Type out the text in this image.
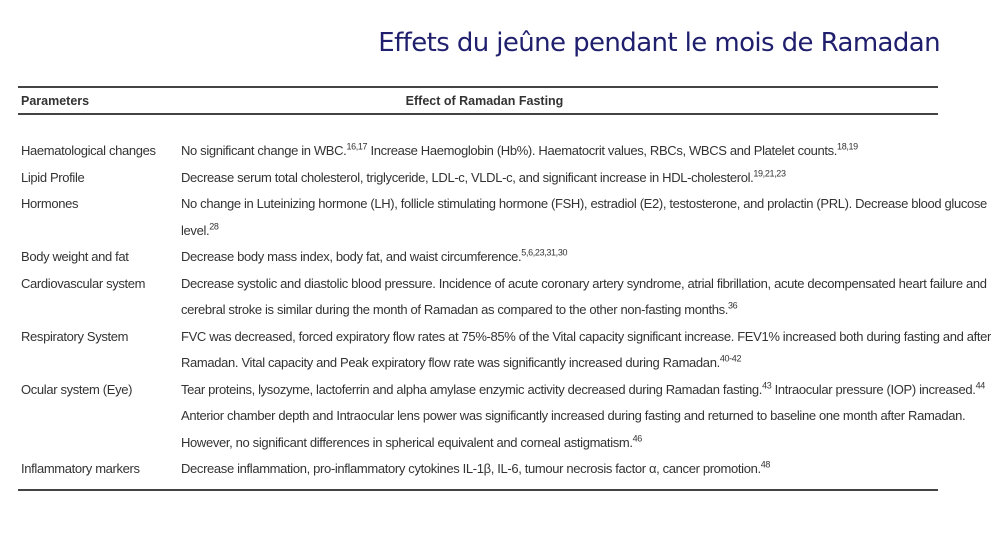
Effets du jeûne pendant le mois de Ramadan
Parameters	Effect of Ramadan Fasting
Haematological changes	No significant change in WBC.$^{16,17}$ Increase Haemoglobin (Hb%). Haematocrit values, RBCs, WBCS and Platelet counts.$^{18,19}$
Lipid Profile	Decrease serum total cholesterol, triglyceride, LDL-c, VLDL-c, and significant increase in HDL-cholesterol.$^{19,21,23}$
Hormones	No change in Luteinizing hormone (LH), follicle stimulating hormone (FSH), estradiol (E2), testosterone, and prolactin (PRL). Decrease blood glucose
level.$^{28}$
Body weight and fat	Decrease body mass index, body fat, and waist circumference.$^{5,6,23,31,30}$
Cardiovascular system	Decrease systolic and diastolic blood pressure. Incidence of acute coronary artery syndrome, atrial fibrillation, acute decompensated heart failure and
cerebral stroke is similar during the month of Ramadan as compared to the other non-fasting months.$^{36}$
Respiratory System	FVC was decreased, forced expiratory flow rates at 75%-85% of the Vital capacity significant increase. FEV1% increased both during fasting and after
Ramadan. Vital capacity and Peak expiratory flow rate was significantly increased during Ramadan.$^{40-42}$
Ocular system (Eye)	Tear proteins, lysozyme, lactoferrin and alpha amylase enzymic activity decreased during Ramadan fasting.$^{43}$ Intraocular pressure (IOP) increased.$^{44}$
Anterior chamber depth and Intraocular lens power was significantly increased during fasting and returned to baseline one month after Ramadan.
However, no significant differences in spherical equivalent and corneal astigmatism.$^{46}$
Inflammatory markers	Decrease inflammation, pro-inflammatory cytokines IL-1β, IL-6, tumour necrosis factor α, cancer promotion.$^{48}$
